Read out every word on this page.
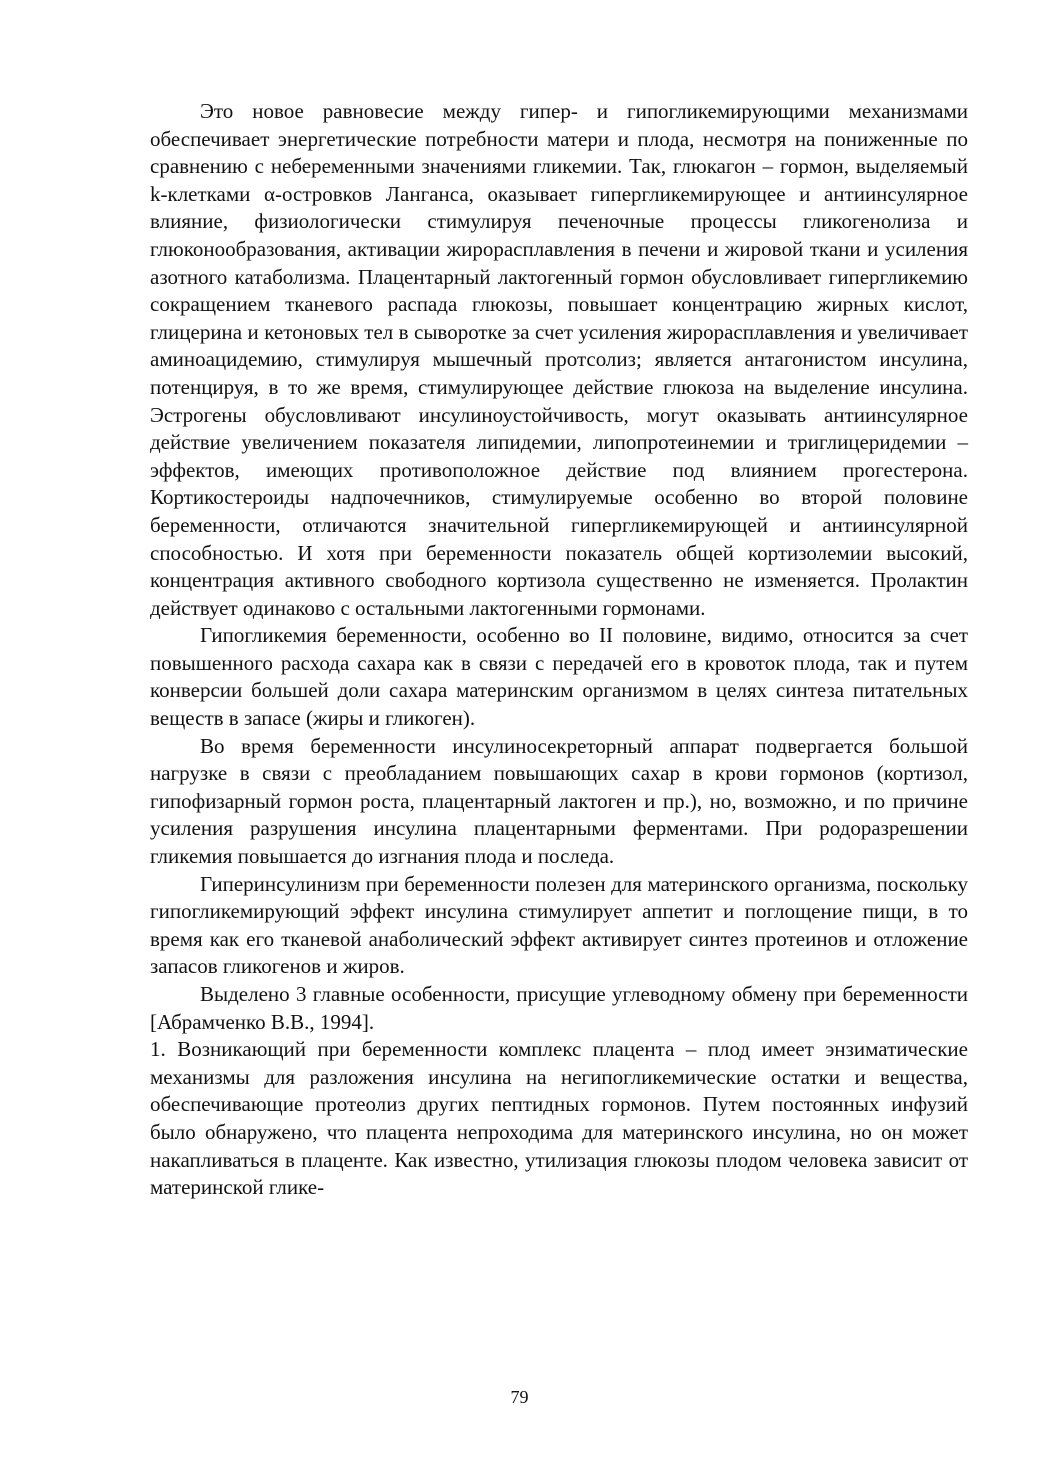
Это новое равновесие между гипер- и гипогликемирующими механизмами обеспечивает энергетические потребности матери и плода, несмотря на пониженные по сравнению с небеременными значениями гликемии. Так, глюкагон – гормон, выделяемый k-клетками α-островков Ланганса, оказывает гипергликемирующее и антиинсулярное влияние, физиологически стимулируя печеночные процессы гликогенолиза и глюконообразования, активации жирорасплавления в печени и жировой ткани и усиления азотного катаболизма. Плацентарный лактогенный гормон обусловливает гипергликемию сокращением тканевого распада глюкозы, повышает концентрацию жирных кислот, глицерина и кетоновых тел в сыворотке за счет усиления жирорасплавления и увеличивает аминоацидемию, стимулируя мышечный протсолиз; является антагонистом инсулина, потенцируя, в то же время, стимулирующее действие глюкоза на выделение инсулина. Эстрогены обусловливают инсулиноустойчивость, могут оказывать антиинсулярное действие увеличением показателя липидемии, липопротеинемии и триглицеридемии – эффектов, имеющих противоположное действие под влиянием прогестерона. Кортикостероиды надпочечников, стимулируемые особенно во второй половине беременности, отличаются значительной гипергликемирующей и антиинсулярной способностью. И хотя при беременности показатель общей кортизолемии высокий, концентрация активного свободного кортизола существенно не изменяется. Пролактин действует одинаково с остальными лактогенными гормонами.

Гипогликемия беременности, особенно во II половине, видимо, относится за счет повышенного расхода сахара как в связи с передачей его в кровоток плода, так и путем конверсии большей доли сахара материнским организмом в целях синтеза питательных веществ в запасе (жиры и гликоген).

Во время беременности инсулиносекреторный аппарат подвергается большой нагрузке в связи с преобладанием повышающих сахар в крови гормонов (кортизол, гипофизарный гормон роста, плацентарный лактоген и пр.), но, возможно, и по причине усиления разрушения инсулина плацентарными ферментами. При родоразрешении гликемия повышается до изгнания плода и последа.

Гиперинсулинизм при беременности полезен для материнского организма, поскольку гипогликемирующий эффект инсулина стимулирует аппетит и поглощение пищи, в то время как его тканевой анаболический эффект активирует синтез протеинов и отложение запасов гликогенов и жиров.

Выделено 3 главные особенности, присущие углеводному обмену при беременности [Абрамченко В.В., 1994].

1. Возникающий при беременности комплекс плацента – плод имеет энзиматические механизмы для разложения инсулина на негипогликемические остатки и вещества, обеспечивающие протеолиз других пептидных гормонов. Путем постоянных инфузий было обнаружено, что плацента непроходима для материнского инсулина, но он может накапливаться в плаценте. Как известно, утилизация глюкозы плодом человека зависит от материнской глике-

79
